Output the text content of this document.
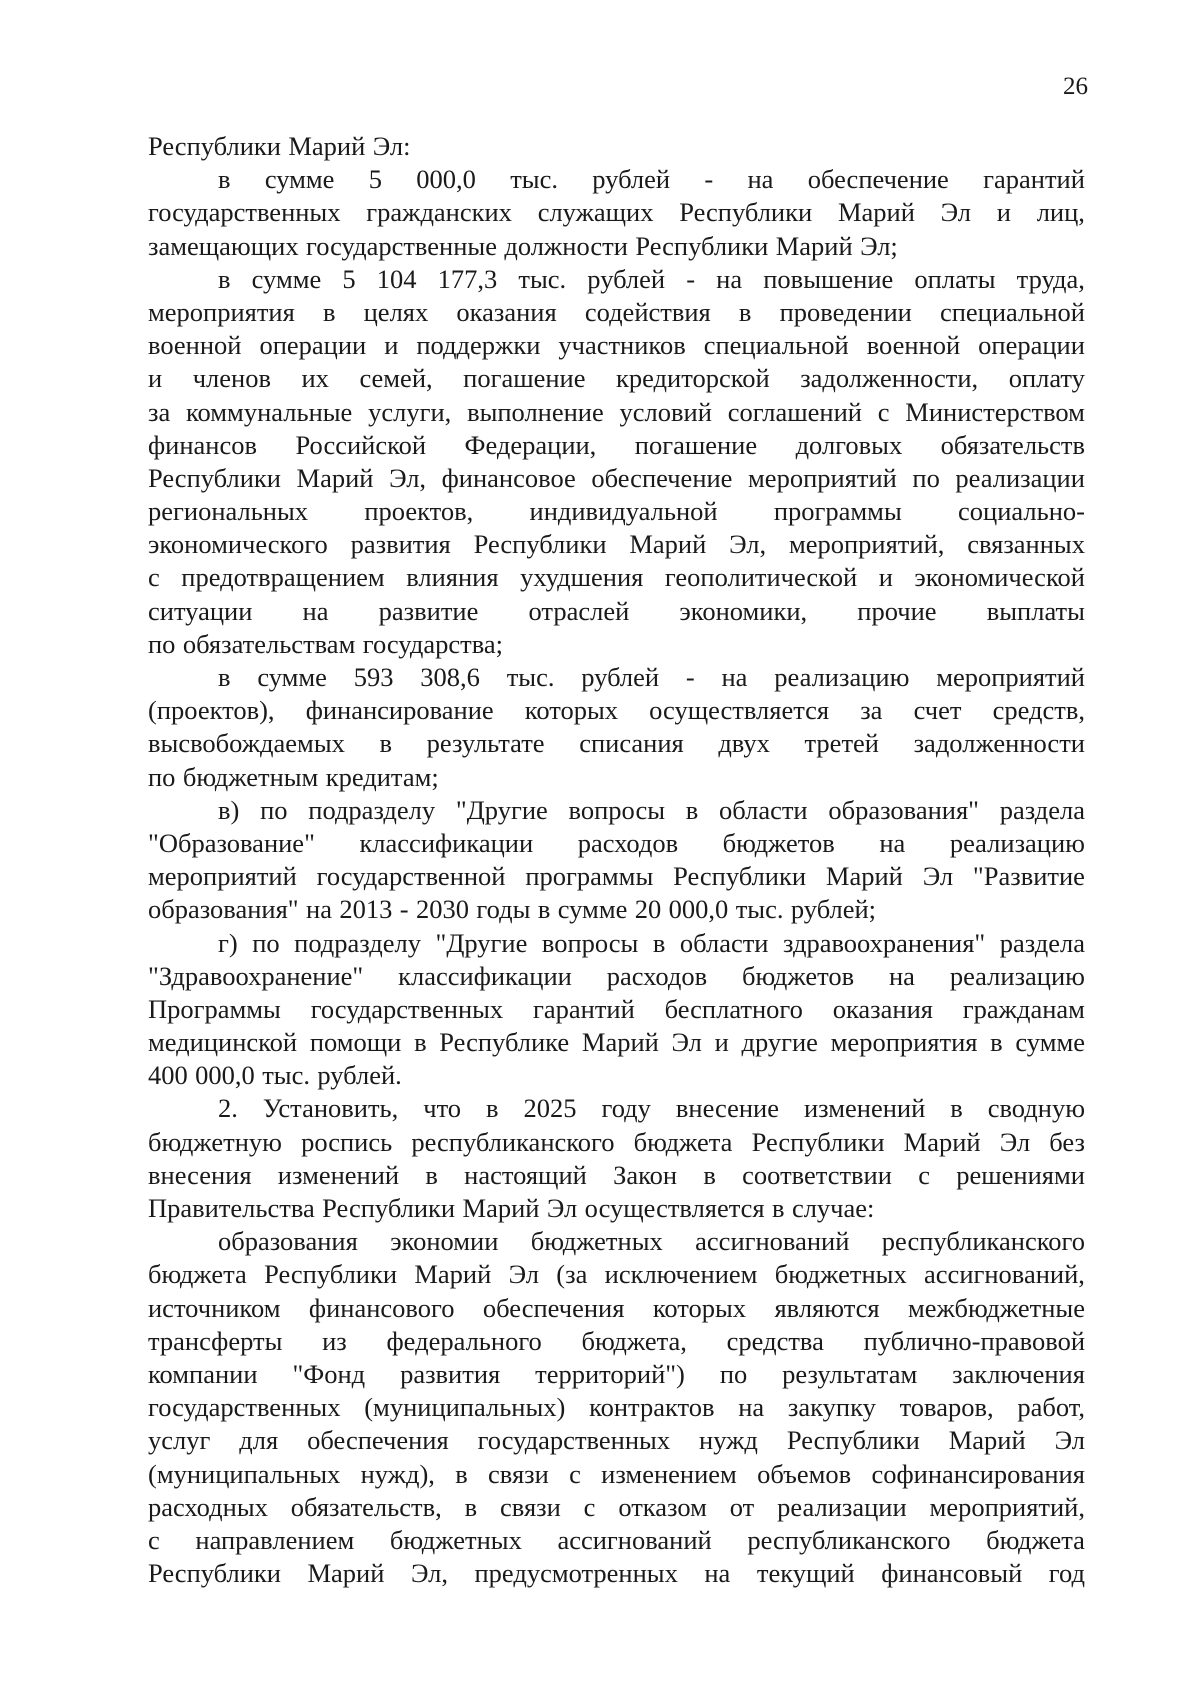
26
Республики Марий Эл:
в сумме 5 000,0 тыс. рублей - на обеспечение гарантий
государственных гражданских служащих Республики Марий Эл и лиц,
замещающих государственные должности Республики Марий Эл;
в сумме 5 104 177,3 тыс. рублей - на повышение оплаты труда,
мероприятия в целях оказания содействия в проведении специальной
военной операции и поддержки участников специальной военной операции
и членов их семей, погашение кредиторской задолженности, оплату
за коммунальные услуги, выполнение условий соглашений с Министерством
финансов Российской Федерации, погашение долговых обязательств
Республики Марий Эл, финансовое обеспечение мероприятий по реализации
региональных проектов, индивидуальной программы социально-
экономического развития Республики Марий Эл, мероприятий, связанных
с предотвращением влияния ухудшения геополитической и экономической
ситуации на развитие отраслей экономики, прочие выплаты
по обязательствам государства;
в сумме 593 308,6 тыс. рублей - на реализацию мероприятий
(проектов), финансирование которых осуществляется за счет средств,
высвобождаемых в результате списания двух третей задолженности
по бюджетным кредитам;
в) по подразделу "Другие вопросы в области образования" раздела
"Образование" классификации расходов бюджетов на реализацию
мероприятий государственной программы Республики Марий Эл "Развитие
образования" на 2013 - 2030 годы в сумме 20 000,0 тыс. рублей;
г) по подразделу "Другие вопросы в области здравоохранения" раздела
"Здравоохранение" классификации расходов бюджетов на реализацию
Программы государственных гарантий бесплатного оказания гражданам
медицинской помощи в Республике Марий Эл и другие мероприятия в сумме
400 000,0 тыс. рублей.
2. Установить, что в 2025 году внесение изменений в сводную
бюджетную роспись республиканского бюджета Республики Марий Эл без
внесения изменений в настоящий Закон в соответствии с решениями
Правительства Республики Марий Эл осуществляется в случае:
образования экономии бюджетных ассигнований республиканского
бюджета Республики Марий Эл (за исключением бюджетных ассигнований,
источником финансового обеспечения которых являются межбюджетные
трансферты из федерального бюджета, средства публично-правовой
компании "Фонд развития территорий") по результатам заключения
государственных (муниципальных) контрактов на закупку товаров, работ,
услуг для обеспечения государственных нужд Республики Марий Эл
(муниципальных нужд), в связи с изменением объемов софинансирования
расходных обязательств, в связи с отказом от реализации мероприятий,
с направлением бюджетных ассигнований республиканского бюджета
Республики Марий Эл, предусмотренных на текущий финансовый год
